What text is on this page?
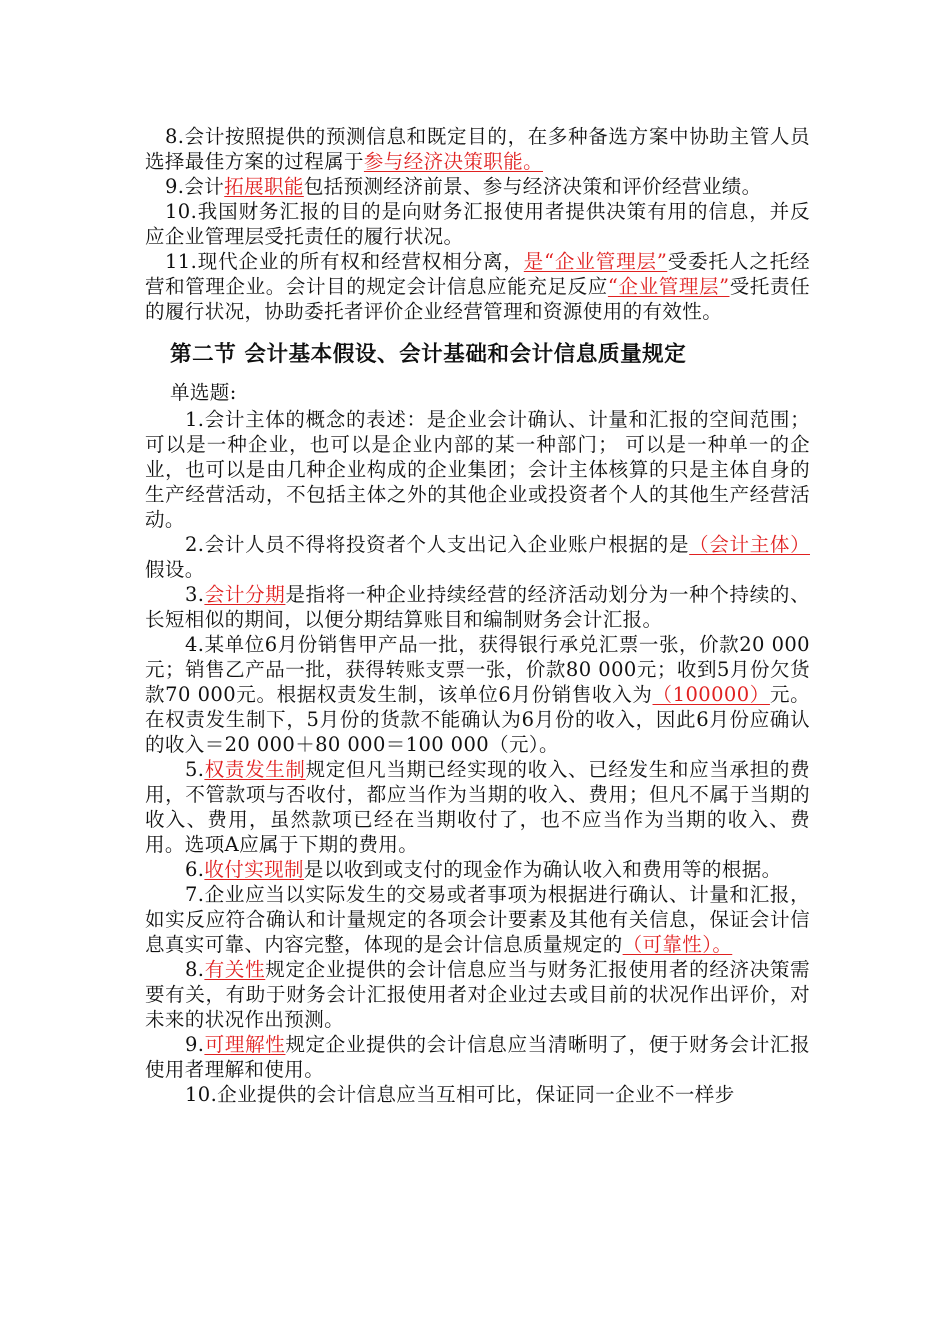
8.会计按照提供的预测信息和既定目的，在多种备选方案中协助主管人员选择最佳方案的过程属于参与经济决策职能。

9.会计拓展职能包括预测经济前景、参与经济决策和评价经营业绩。

10.我国财务汇报的目的是向财务汇报使用者提供决策有用的信息，并反应企业管理层受托责任的履行状况。

11.现代企业的所有权和经营权相分离，是“企业管理层”受委托人之托经营和管理企业。会计目的规定会计信息应能充足反应“企业管理层”受托责任的履行状况，协助委托者评价企业经营管理和资源使用的有效性。

第二节 会计基本假设、会计基础和会计信息质量规定
单选题:

1.会计主体的概念的表述：是企业会计确认、计量和汇报的空间范围；可以是一种企业，也可以是企业内部的某一种部门； 可以是一种单一的企业，也可以是由几种企业构成的企业集团；会计主体核算的只是主体自身的生产经营活动，不包括主体之外的其他企业或投资者个人的其他生产经营活动。

2.会计人员不得将投资者个人支出记入企业账户根据的是（会计主体）假设。

3.会计分期是指将一种企业持续经营的经济活动划分为一种个持续的、长短相似的期间，以便分期结算账目和编制财务会计汇报。

4.某单位6月份销售甲产品一批，获得银行承兑汇票一张，价款20 000元；销售乙产品一批，获得转账支票一张，价款80 000元；收到5月份欠货款70 000元。根据权责发生制，该单位6月份销售收入为（100000）元。在权责发生制下，5月份的货款不能确认为6月份的收入，因此6月份应确认的收入＝20 000＋80 000＝100 000（元）。

5.权责发生制规定但凡当期已经实现的收入、已经发生和应当承担的费用，不管款项与否收付，都应当作为当期的收入、费用；但凡不属于当期的收入、费用，虽然款项已经在当期收付了，也不应当作为当期的收入、费用。选项A应属于下期的费用。

6.收付实现制是以收到或支付的现金作为确认收入和费用等的根据。

7.企业应当以实际发生的交易或者事项为根据进行确认、计量和汇报，如实反应符合确认和计量规定的各项会计要素及其他有关信息，保证会计信息真实可靠、内容完整，体现的是会计信息质量规定的（可靠性）。

8.有关性规定企业提供的会计信息应当与财务汇报使用者的经济决策需要有关，有助于财务会计汇报使用者对企业过去或目前的状况作出评价，对未来的状况作出预测。

9.可理解性规定企业提供的会计信息应当清晰明了，便于财务会计汇报使用者理解和使用。

10.企业提供的会计信息应当互相可比，保证同一企业不一样步
